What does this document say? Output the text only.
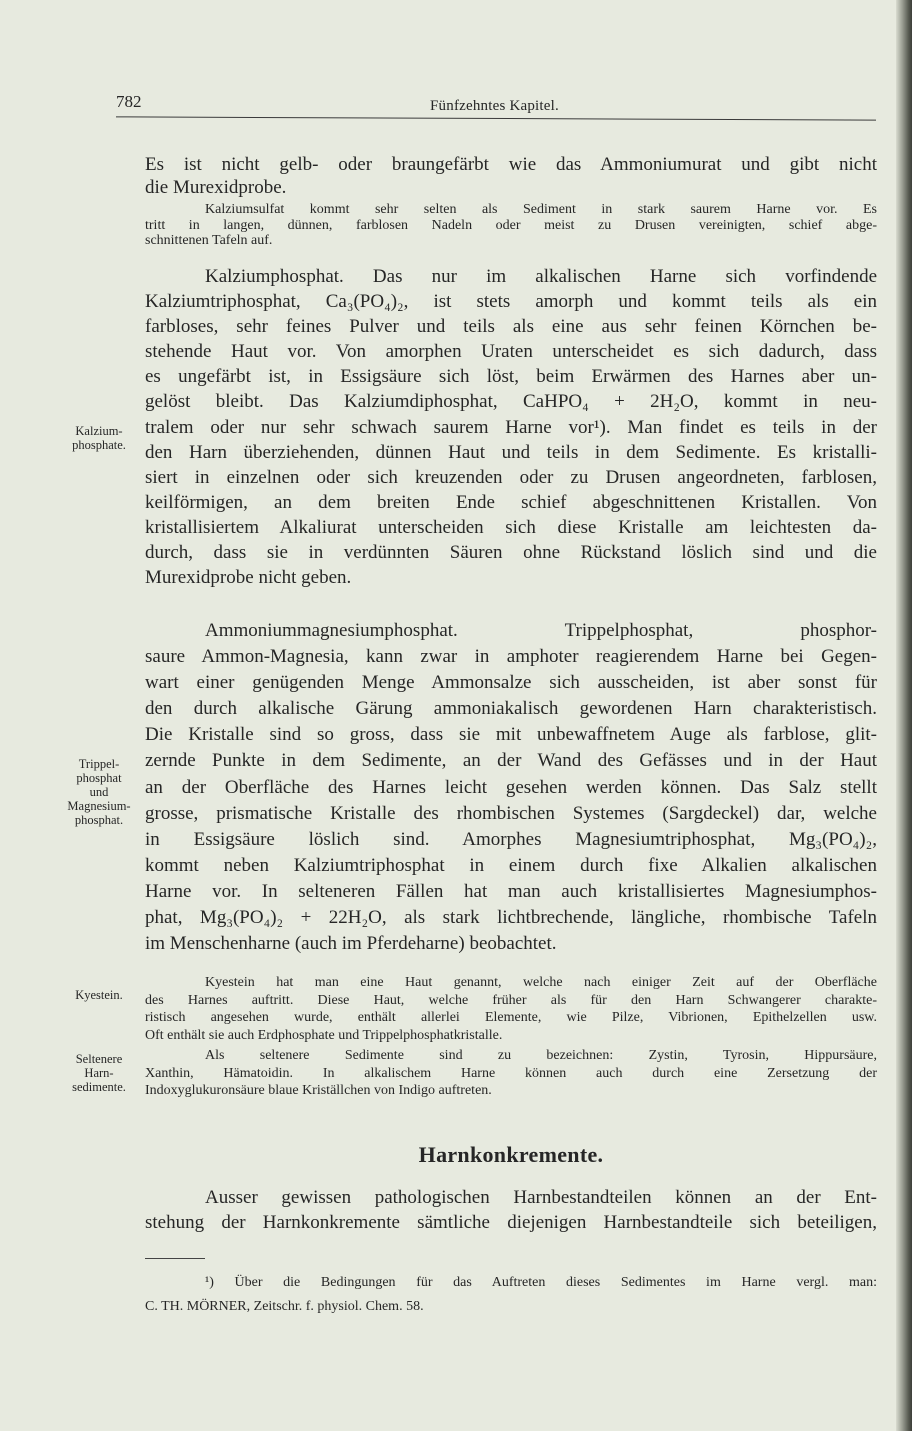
782	Fünfzehntes Kapitel.
Es ist nicht gelb- oder braungefärbt wie das Ammoniumurat und gibt nicht
die Murexidprobe.
Kalziumsulfat kommt sehr selten als Sediment in stark saurem Harne vor. Es
tritt in langen, dünnen, farblosen Nadeln oder meist zu Drusen vereinigten, schief abge-
schnittenen Tafeln auf.
Kalziumphosphat. Das nur im alkalischen Harne sich vorfindende
Kalziumtriphosphat, Ca₃(PO₄)₂, ist stets amorph und kommt teils als ein
farbloses, sehr feines Pulver und teils als eine aus sehr feinen Körnchen be-
stehende Haut vor. Von amorphen Uraten unterscheidet es sich dadurch, dass
es ungefärbt ist, in Essigsäure sich löst, beim Erwärmen des Harnes aber un-
gelöst bleibt. Das Kalziumdiphosphat, CaHPO₄ + 2H₂O, kommt in neu-
tralem oder nur sehr schwach saurem Harne vor¹). Man findet es teils in der
den Harn überziehenden, dünnen Haut und teils in dem Sedimente. Es kristalli-
siert in einzelnen oder sich kreuzenden oder zu Drusen angeordneten, farblosen,
keilförmigen, an dem breiten Ende schief abgeschnittenen Kristallen. Von
kristallisiertem Alkaliurat unterscheiden sich diese Kristalle am leichtesten da-
durch, dass sie in verdünnten Säuren ohne Rückstand löslich sind und die
Murexidprobe nicht geben.
Ammoniummagnesiumphosphat. Trippelphosphat, phosphor-
saure Ammon-Magnesia, kann zwar in amphoter reagierendem Harne bei Gegen-
wart einer genügenden Menge Ammonsalze sich ausscheiden, ist aber sonst für
den durch alkalische Gärung ammoniakalisch gewordenen Harn charakteristisch.
Die Kristalle sind so gross, dass sie mit unbewaffnetem Auge als farblose, glit-
zernde Punkte in dem Sedimente, an der Wand des Gefässes und in der Haut
an der Oberfläche des Harnes leicht gesehen werden können. Das Salz stellt
grosse, prismatische Kristalle des rhombischen Systemes (Sargdeckel) dar, welche
in Essigsäure löslich sind. Amorphes Magnesiumtriphosphat, Mg₃(PO₄)₂,
kommt neben Kalziumtriphosphat in einem durch fixe Alkalien alkalischen
Harne vor. In selteneren Fällen hat man auch kristallisiertes Magnesiumphos-
phat, Mg₃(PO₄)₂ + 22H₂O, als stark lichtbrechende, längliche, rhombische Tafeln
im Menschenharne (auch im Pferdeharne) beobachtet.
Kyestein hat man eine Haut genannt, welche nach einiger Zeit auf der Oberfläche
des Harnes auftritt. Diese Haut, welche früher als für den Harn Schwangerer charakte-
ristisch angesehen wurde, enthält allerlei Elemente, wie Pilze, Vibrionen, Epithelzellen usw.
Oft enthält sie auch Erdphosphate und Trippelphosphatkristalle.
Als seltenere Sedimente sind zu bezeichnen: Zystin, Tyrosin, Hippursäure,
Xanthin, Hämatoidin. In alkalischem Harne können auch durch eine Zersetzung der
Indoxyglukuronsäure blaue Kriställchen von Indigo auftreten.
Harnkonkremente.
Ausser gewissen pathologischen Harnbestandteilen können an der Ent-
stehung der Harnkonkremente sämtliche diejenigen Harnbestandteile sich beteiligen,
¹) Über die Bedingungen für das Auftreten dieses Sedimentes im Harne vergl. man:
C. TH. MÖRNER, Zeitschr. f. physiol. Chem. 58.
Kalzium-
phosphate.
Trippel-
phosphat
und
Magnesium-
phosphat.
Kyestein.
Seltenere
Harn-
sedimente.
